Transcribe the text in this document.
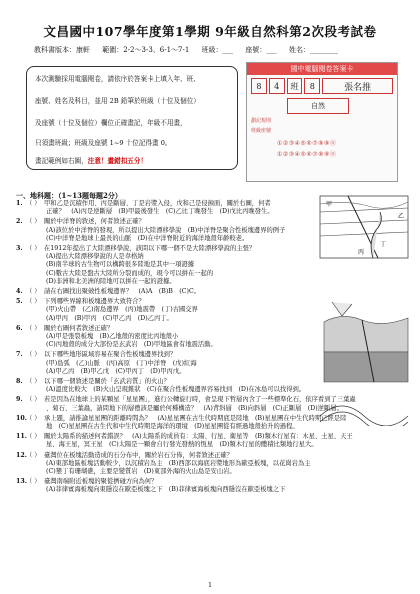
文昌國中107學年度第1學期 9年級自然科第2次段考試卷
教科書版本：康軒 範圍：2-2～3-3、6-1～7-1 班級：___ 座號：___ 姓名：________
本次測驗採用電腦閱卷，請依序於答案卡上填入年、班、
座號、姓名及科目，並用 2B 鉛筆於班級（十位及個位）
及座號（十位及個位）欄位正確畫記，年級不用畫，
只須畫班級；班級及座號 1~9 十位記得畫 0。
畫記範例如右圖，注意！畫錯扣五分！
國中電腦閱卷答案卡
8	4	班	8	張名推
自然
劃記規則
班級座號
①②③④⑤⑥⑦⑧⑨⓪
①②③④⑤⑥⑦⑧⑨⓪
一、地科題：（1~13題每題2分）
甲
乙
丙
丁
1. （ ） 甲和乙是沉積作用、丙是斷層、丁是岩漿入侵，戊和己是侵蝕面，關於右圖，何者
正確？　(A)丙是逆斷層　(B)甲最後發生　(C)乙比丁晚發生　(D)戊比丙晚發生。
2. （ ） 關於中洋脊的敘述，何者敘述正確？
(A)該位於中洋脊的發現，所以提出大陸漂移學說　(B)中洋脊是聚合性板塊邊界的例子
(C)中洋脊是地球上最長的山脈　(D)在中洋脊附近的海洋地殼年齡較老。
3. （ ） 在1912年提出了大陸漂移學說，該問以下哪一個不是大陸漂移學說的主張？
(A)提出大陸漂移學說的人是韋格納
(B)南半球的古生物可以構跨很多陸地是其中一項證據
(C)數古大陸是盤古大陸所分裂而成的，現今可以拼在一起的
(D)非洲和北美洲的陸地可以拼在一起的證據。
4. （ ） 請在右圖找出聚斂性板塊邊界？　(A)A　(B)B　(C)C。
5. （ ） 下列哪些界線和板塊邊界大致符合？
(甲)火山帶　(乙)南島邊界　(丙)地震帶　(丁)古國交界
(A)甲丙　(B)甲丙　(C)甲乙丙　(D)乙丙丁。
6. （ ） 關於右圖何者敘述正確？
(A)甲是張裂板塊　(B)乙地殼的密度比丙地殼小
(C)丙地殼的成分大部份是玄武岩　(D)甲地區會有地震活動。
7. （ ） 以下哪些地形區域容易在聚合性板塊邊界找到？
(甲)島弧　(乙)山脈　(丙)高原　(丁)中洋脊　(戊)紅海
(A)甲乙丙　(B)甲乙戊　(C)甲丙丁　(D)甲丙戊。
8. （ ） 以下哪一個敘述是關於「玄武岩質」的火山？
(A)溫度比較大　(B)火山呈現錐狀　(C)在聚合性板塊邊界容易找到　(D)在冰島可以找得到。
9. （ ） 若是因為在地球上的某顆星「星星團」，進行公轉旋行時，會呈現下哲層內含了一些標準化石，依序看到了三葉蟲
、菊石、三葉蟲，請問地下的層禮該是屬於何種構造？　(A)背斜層　(B)向斜層　(C)正斷層　(D)逆斷層。
10.（ ） 承上題，請推論星星團的距離時間為？　(A)星星團在古生代時期底是陸地　(B)星星團在中生代時期已經是陸
地　(C)星星團在古生代和中生代時期是海洋的環境　(D)星星團從有經過地殼抬升的過程。
11.（ ） 關於太陽系的描述何者錯誤？　(A)太陽系的成員有：太陽、行星、衛星等　(B)類木行星有：木星、土星、天王
星、海王星，冥王星　(C)太陽是一顆會自行發光發熱的恆星　(D)類木行星的體積比類地行星大。
12.（ ） 臺灣位在板塊活動造成的石分布中，關於岩石分佈，何者敘述正確？
(A)東部地區板塊活動較少，以沉積岩為主　(B)西部以海底岩漿地形為歐亞板塊，以花崗岩為主
(C)墾丁有珊瑚礁，主要是變質岩　(D)東部外海的火山島是安山岩。
13.（ ） 臺灣南端附近板塊的聚從擠碰方向為何？
(A)菲律賓海板塊向東隱沒在歐亞板塊之下　(B)菲律賓海板塊向西隱沒在歐亞板塊之下
1
